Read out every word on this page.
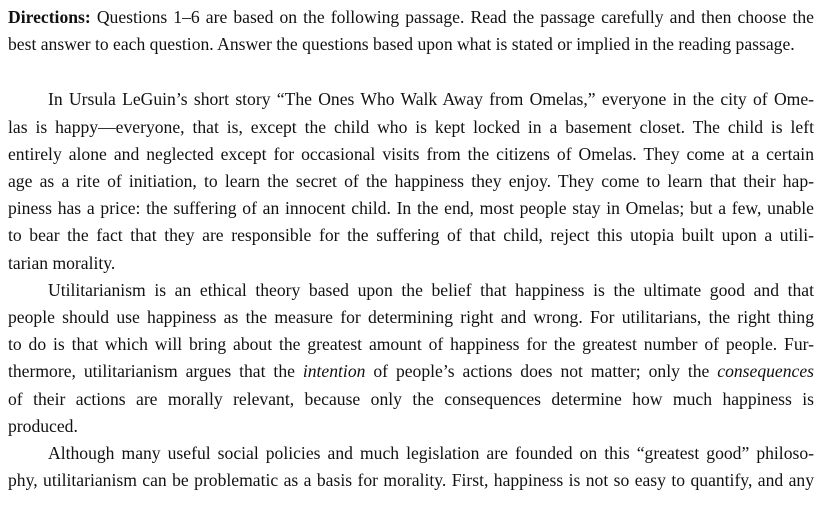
Directions: Questions 1–6 are based on the following passage. Read the passage carefully and then choose the best answer to each question. Answer the questions based upon what is stated or implied in the reading passage.

In Ursula LeGuin’s short story “The Ones Who Walk Away from Omelas,” everyone in the city of Ome-
las is happy—everyone, that is, except the child who is kept locked in a basement closet. The child is left
entirely alone and neglected except for occasional visits from the citizens of Omelas. They come at a certain
age as a rite of initiation, to learn the secret of the happiness they enjoy. They come to learn that their hap-
piness has a price: the suffering of an innocent child. In the end, most people stay in Omelas; but a few, unable
to bear the fact that they are responsible for the suffering of that child, reject this utopia built upon a utili-
tarian morality.
Utilitarianism is an ethical theory based upon the belief that happiness is the ultimate good and that
people should use happiness as the measure for determining right and wrong. For utilitarians, the right thing
to do is that which will bring about the greatest amount of happiness for the greatest number of people. Fur-
thermore, utilitarianism argues that the intention of people’s actions does not matter; only the consequences
of their actions are morally relevant, because only the consequences determine how much happiness is
produced.
Although many useful social policies and much legislation are founded on this “greatest good” philoso-
phy, utilitarianism can be problematic as a basis for morality. First, happiness is not so easy to quantify, and any
